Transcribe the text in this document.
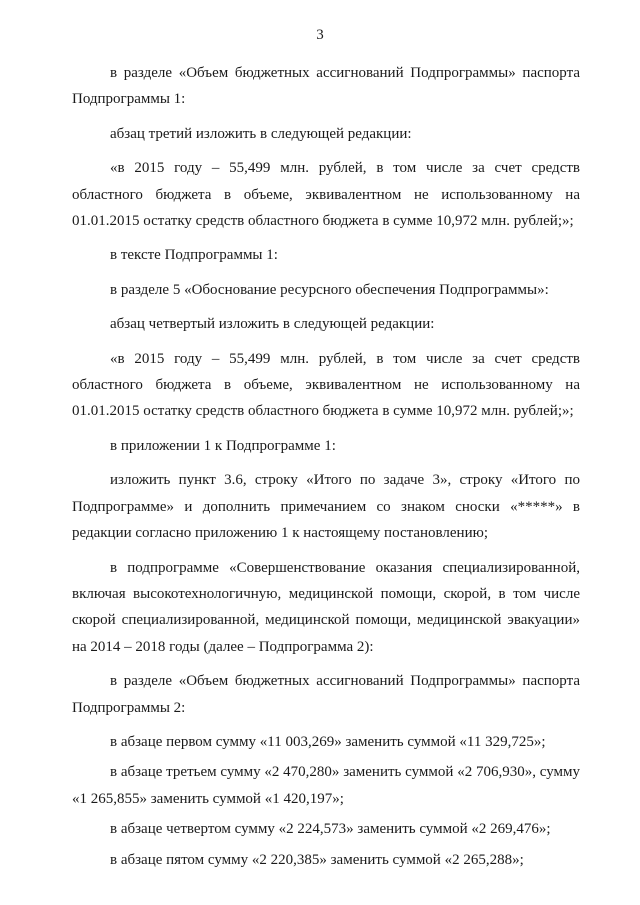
3

в разделе «Объем бюджетных ассигнований Подпрограммы» паспорта Подпрограммы 1:

абзац третий изложить в следующей редакции:

«в 2015 году – 55,499 млн. рублей, в том числе за счет средств областного бюджета в объеме, эквивалентном не использованному на 01.01.2015 остатку средств областного бюджета в сумме 10,972 млн. рублей;»;

в тексте Подпрограммы 1:

в разделе 5 «Обоснование ресурсного обеспечения Подпрограммы»:

абзац четвертый изложить в следующей редакции:

«в 2015 году – 55,499 млн. рублей, в том числе за счет средств областного бюджета в объеме, эквивалентном не использованному на 01.01.2015 остатку средств областного бюджета в сумме 10,972 млн. рублей;»;

в приложении 1 к Подпрограмме 1:

изложить пункт 3.6, строку «Итого по задаче 3», строку «Итого по Подпрограмме» и дополнить примечанием со знаком сноски «*****» в редакции согласно приложению 1 к настоящему постановлению;

в подпрограмме «Совершенствование оказания специализированной, включая высокотехнологичную, медицинской помощи, скорой, в том числе скорой специализированной, медицинской помощи, медицинской эвакуации» на 2014 – 2018 годы (далее – Подпрограмма 2):

в разделе «Объем бюджетных ассигнований Подпрограммы» паспорта Подпрограммы 2:

в абзаце первом сумму «11 003,269» заменить суммой «11 329,725»;

в абзаце третьем сумму «2 470,280» заменить суммой «2 706,930», сумму «1 265,855» заменить суммой «1 420,197»;

в абзаце четвертом сумму «2 224,573» заменить суммой «2 269,476»;

в абзаце пятом сумму «2 220,385» заменить суммой «2 265,288»;
